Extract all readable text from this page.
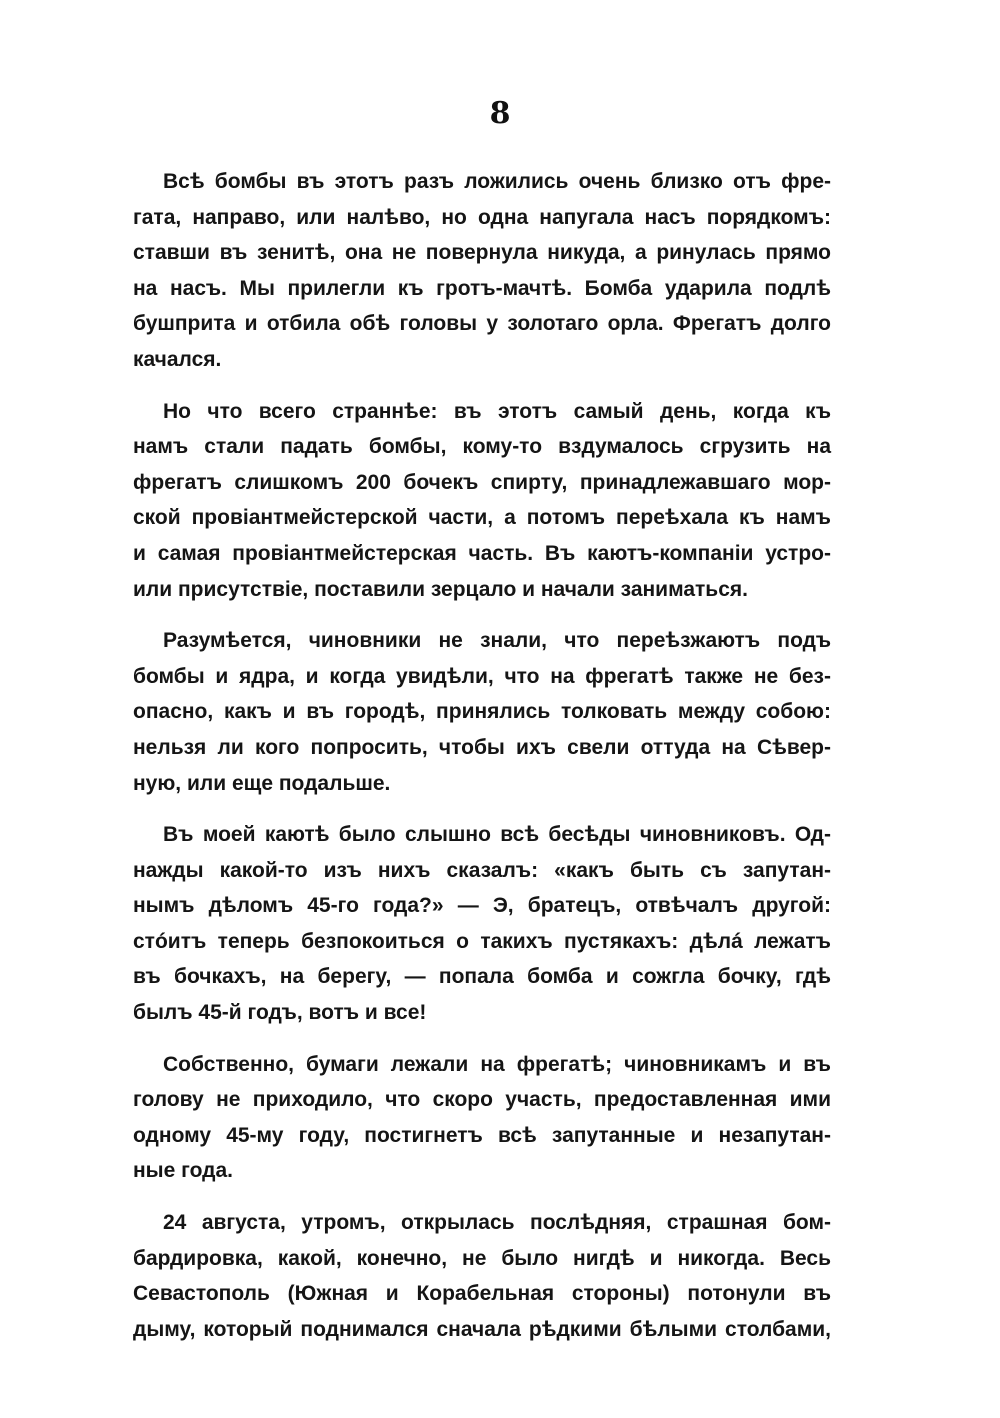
8
Всѣ бомбы въ этотъ разъ ложились очень близко отъ фре-
гата, направо, или налѣво, но одна напугала насъ порядкомъ:
ставши въ зенитѣ, она не повернула никуда, а ринулась прямо
на насъ. Мы прилегли къ гротъ-мачтѣ. Бомба ударила подлѣ
бушприта и отбила обѣ головы у золотаго орла. Фрегатъ долго
качался.
Но что всего страннѣе: въ этотъ самый день, когда къ
намъ стали падать бомбы, кому-то вздумалось сгрузить на
фрегатъ слишкомъ 200 бочекъ спирту, принадлежавшаго мор-
ской провіантмейстерской части, а потомъ переѣхала къ намъ
и самая провіантмейстерская часть. Въ каютъ-компаніи устро-
или присутствіе, поставили зерцало и начали заниматься.
Разумѣется, чиновники не знали, что переѣзжаютъ подъ
бомбы и ядра, и когда увидѣли, что на фрегатѣ также не без-
опасно, какъ и въ городѣ, принялись толковать между собою:
нельзя ли кого попросить, чтобы ихъ свели оттуда на Сѣвер-
ную, или еще подальше.
Въ моей каютѣ было слышно всѣ бесѣды чиновниковъ. Од-
нажды какой-то изъ нихъ сказалъ: «какъ быть съ запутан-
нымъ дѣломъ 45-го года?» — Э, братецъ, отвѣчалъ другой:
стóитъ теперь безпокоиться о такихъ пустякахъ: дѣлá лежатъ
въ бочкахъ, на берегу, — попала бомба и сожгла бочку, гдѣ
былъ 45-й годъ, вотъ и все!
Собственно, бумаги лежали на фрегатѣ; чиновникамъ и въ
голову не приходило, что скоро участь, предоставленная ими
одному 45-му году, постигнетъ всѣ запутанные и незапутан-
ные года.
24 августа, утромъ, открылась послѣдняя, страшная бом-
бардировка, какой, конечно, не было нигдѣ и никогда. Весь
Севастополь (Южная и Корабельная стороны) потонули въ
дыму, который поднимался сначала рѣдкими бѣлыми столбами,
